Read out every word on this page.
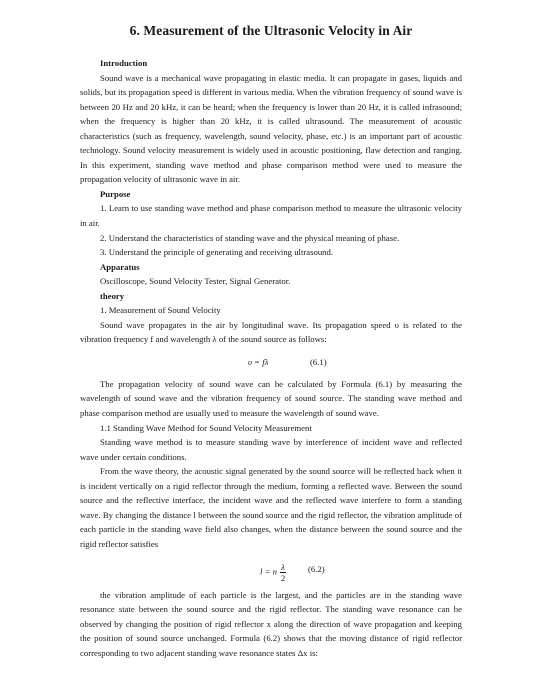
6. Measurement of the Ultrasonic Velocity in Air
Introduction

Sound wave is a mechanical wave propagating in elastic media. It can propagate in gases, liquids and solids, but its propagation speed is different in various media. When the vibration frequency of sound wave is between 20 Hz and 20 kHz, it can be heard; when the frequency is lower than 20 Hz, it is called infrasound; when the frequency is higher than 20 kHz, it is called ultrasound. The measurement of acoustic characteristics (such as frequency, wavelength, sound velocity, phase, etc.) is an important part of acoustic technology. Sound velocity measurement is widely used in acoustic positioning, flaw detection and ranging. In this experiment, standing wave method and phase comparison method were used to measure the propagation velocity of ultrasonic wave in air.

Purpose

1. Learn to use standing wave method and phase comparison method to measure the ultrasonic velocity in air.

2. Understand the characteristics of standing wave and the physical meaning of phase.

3. Understand the principle of generating and receiving ultrasound.

Apparatus

Oscilloscope, Sound Velocity Tester, Signal Generator.

theory

1. Measurement of Sound Velocity

Sound wave propagates in the air by longitudinal wave. Its propagation speed υ is related to the vibration frequency f and wavelength λ of the sound source as follows:

υ = fλ	(6.1)

The propagation velocity of sound wave can be calculated by Formula (6.1) by measuring the wavelength of sound wave and the vibration frequency of sound source. The standing wave method and phase comparison method are usually used to measure the wavelength of sound wave.

1.1 Standing Wave Method for Sound Velocity Measurement

Standing wave method is to measure standing wave by interference of incident wave and reflected wave under certain conditions.

From the wave theory, the acoustic signal generated by the sound source will be reflected back when it is incident vertically on a rigid reflector through the medium, forming a reflected wave. Between the sound source and the reflective interface, the incident wave and the reflected wave interfere to form a standing wave. By changing the distance l between the sound source and the rigid reflector, the vibration amplitude of each particle in the standing wave field also changes, when the distance between the sound source and the rigid reflector satisfies

l = n $\frac{\lambda}{2}$	(6.2)

the vibration amplitude of each particle is the largest, and the particles are in the standing wave resonance state between the sound source and the rigid reflector. The standing wave resonance can be observed by changing the position of rigid reflector x along the direction of wave propagation and keeping the position of sound source unchanged. Formula (6.2) shows that the moving distance of rigid reflector corresponding to two adjacent standing wave resonance states Δx is:
